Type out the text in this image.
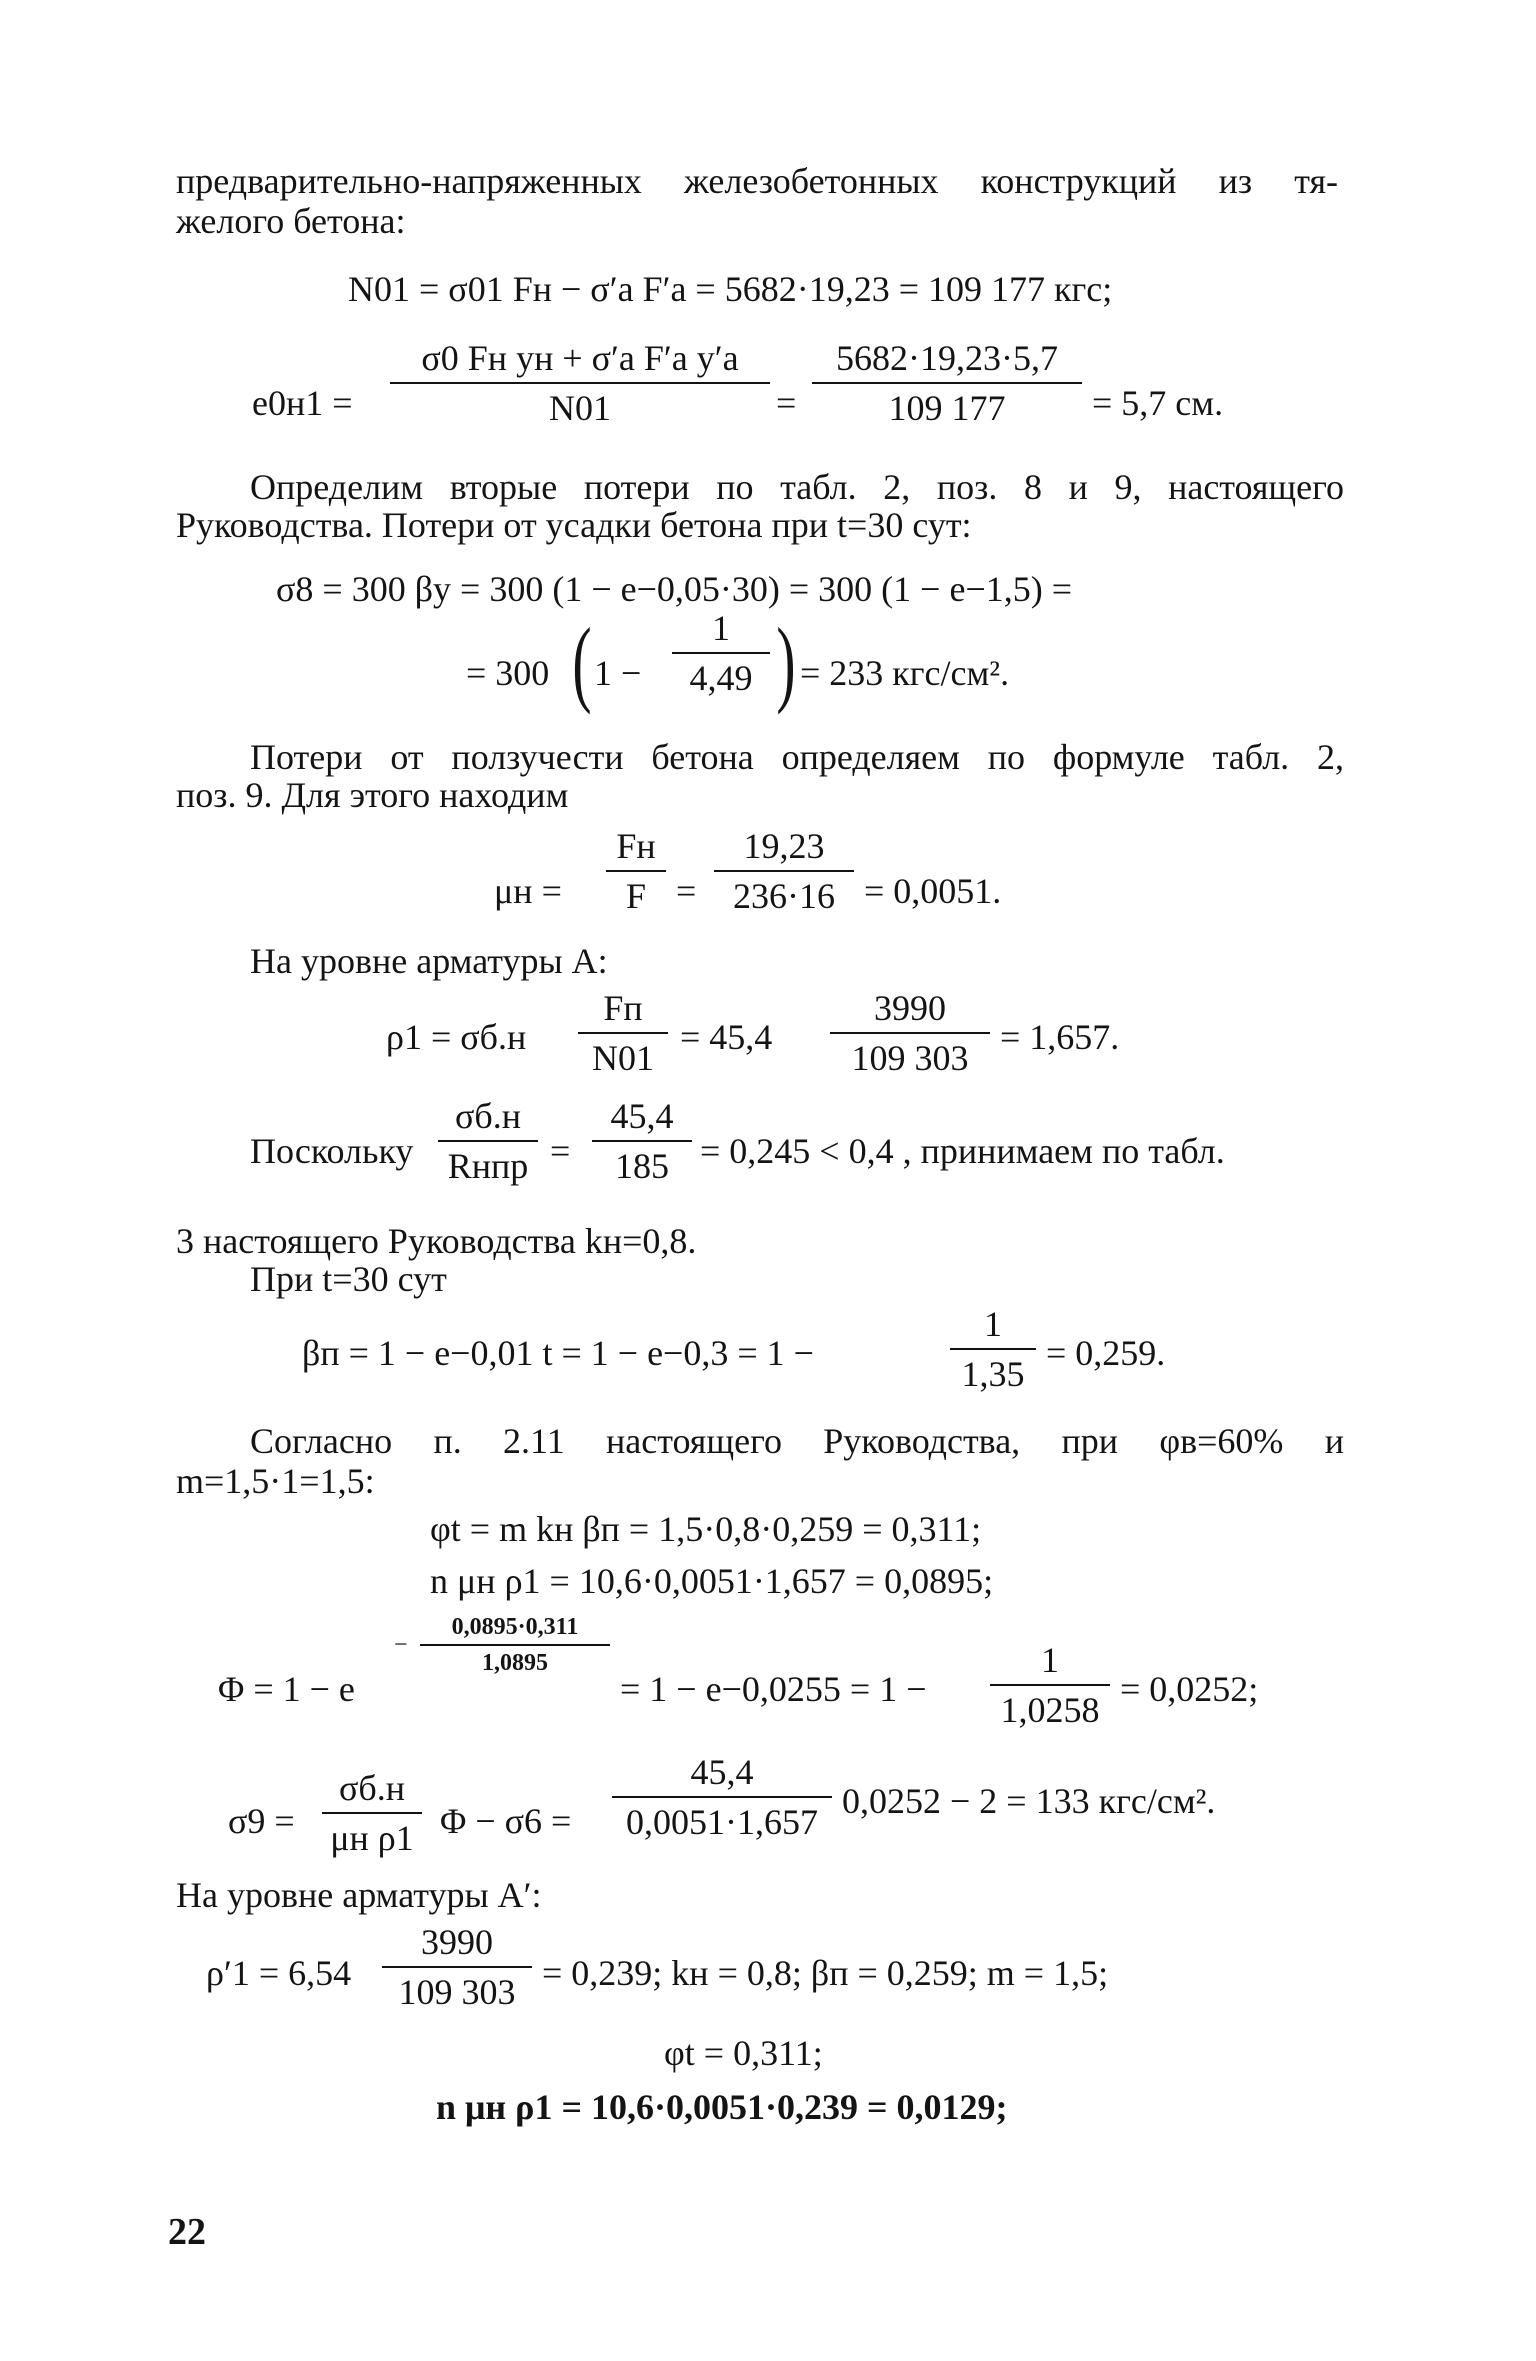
предварительно-напряженных железобетонных конструкций из тя-
желого бетона:
N01 = σ01 Fн − σ′a F′a = 5682·19,23 = 109 177 кгс;
e0н1 =
σ0 Fн yн + σ′a F′a y′a
N01	=
5682·19,23·5,7
109 177	= 5,7 см.
Определим вторые потери по табл. 2, поз. 8 и 9, настоящего
Руководства. Потери от усадки бетона при t=30 сут:
σ8 = 300 βу = 300 (1 − e−0,05·30) = 300 (1 − e−1,5) =
= 300 ( 1 −
1
4,49 ) = 233 кгс/см².
Потери от ползучести бетона определяем по формуле табл. 2,
поз. 9. Для этого находим
μн =
Fн
F =
19,23
236·16 = 0,0051.
На уровне арматуры A:
ρ1 = σб.н
Fп
N01
= 45,4
3990
109 303
= 1,657.
Поскольку
σб.н
Rнпр =
45,4
185 = 0,245 < 0,4 , принимаем по табл.
3 настоящего Руководства kн=0,8.
При t=30 сут
βп = 1 − e−0,01 t = 1 − e−0,3 = 1 −
1
1,35
= 0,259.
Согласно п. 2.11 настоящего Руководства, при φв=60% и
m=1,5·1=1,5:
φt = m kн βп = 1,5·0,8·0,259 = 0,311;
n μн ρ1 = 10,6·0,0051·1,657 = 0,0895;
Φ = 1 − e
−
0,0895·0,311
1,0895
= 1 − e−0,0255 = 1 −
1
1,0258
= 0,0252;
σ9 =
σб.н
μн ρ1 Φ − σ6 =
45,4
0,0051·1,657
0,0252 − 2 = 133 кгс/см².
На уровне арматуры A′:
ρ′1 = 6,54
3990
109 303 = 0,239; kн = 0,8; βп = 0,259; m = 1,5;
φt = 0,311;
n μн ρ1 = 10,6·0,0051·0,239 = 0,0129;
22
